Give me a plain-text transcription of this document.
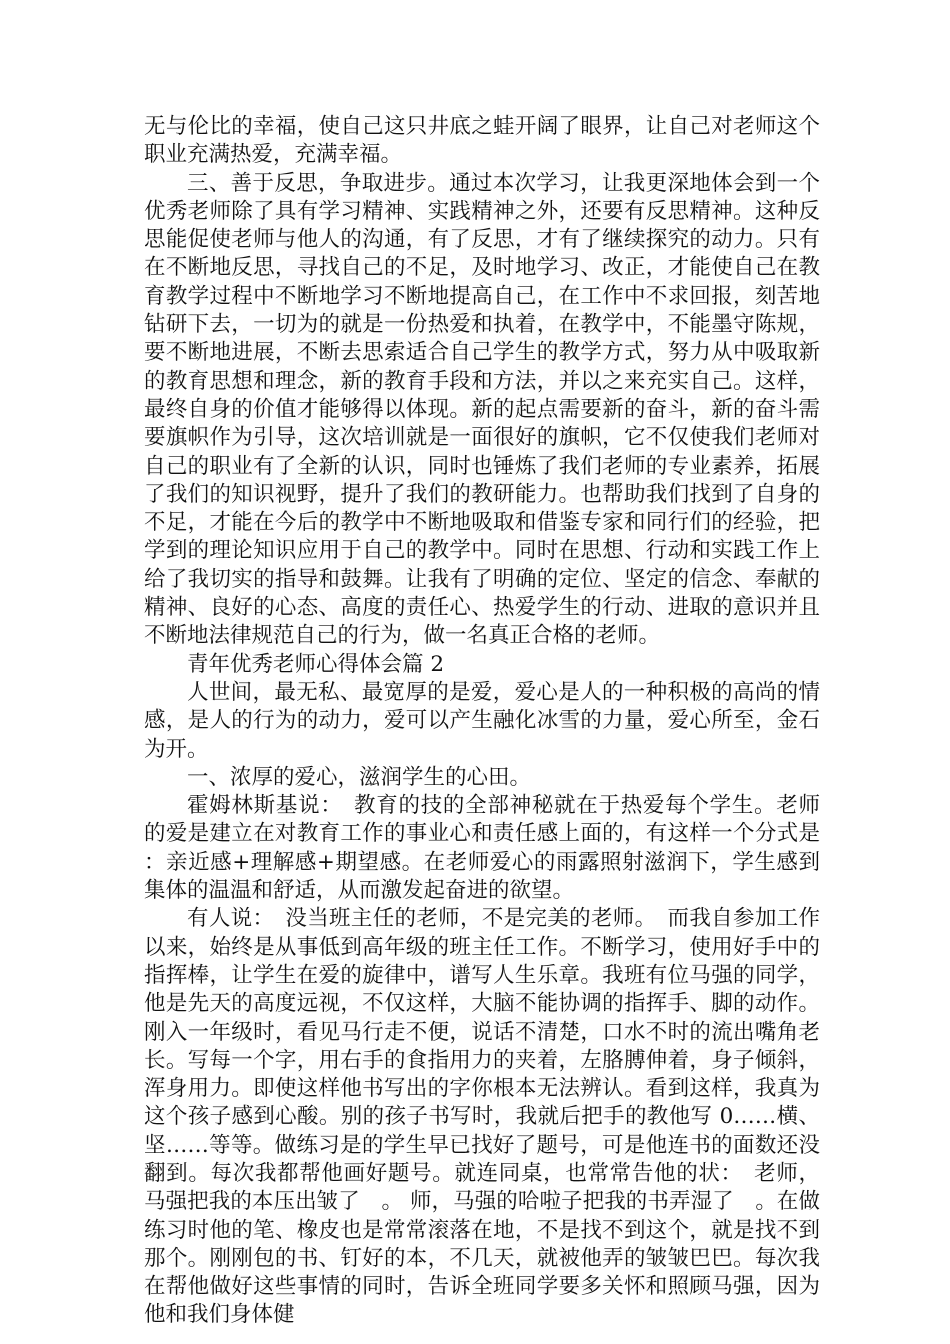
无与伦比的幸福，使自己这只井底之蛙开阔了眼界，让自己对老师这个职业充满热爱，充满幸福。

三、善于反思，争取进步。通过本次学习，让我更深地体会到一个优秀老师除了具有学习精神、实践精神之外，还要有反思精神。这种反思能促使老师与他人的沟通，有了反思，才有了继续探究的动力。只有在不断地反思，寻找自己的不足，及时地学习、改正，才能使自己在教育教学过程中不断地学习不断地提高自己，在工作中不求回报，刻苦地钻研下去，一切为的就是一份热爱和执着，在教学中，不能墨守陈规，要不断地进展，不断去思索适合自己学生的教学方式，努力从中吸取新的教育思想和理念，新的教育手段和方法，并以之来充实自己。这样，最终自身的价值才能够得以体现。新的起点需要新的奋斗，新的奋斗需要旗帜作为引导，这次培训就是一面很好的旗帜，它不仅使我们老师对自己的职业有了全新的认识，同时也锤炼了我们老师的专业素养，拓展了我们的知识视野，提升了我们的教研能力。也帮助我们找到了自身的不足，才能在今后的教学中不断地吸取和借鉴专家和同行们的经验，把学到的理论知识应用于自己的教学中。同时在思想、行动和实践工作上给了我切实的指导和鼓舞。让我有了明确的定位、坚定的信念、奉献的精神、良好的心态、高度的责任心、热爱学生的行动、进取的意识并且不断地法律规范自己的行为，做一名真正合格的老师。

青年优秀老师心得体会篇 2

人世间，最无私、最宽厚的是爱，爱心是人的一种积极的高尚的情感，是人的行为的动力，爱可以产生融化冰雪的力量，爱心所至，金石为开。

一、浓厚的爱心，滋润学生的心田。

霍姆林斯基说：　教育的技的全部神秘就在于热爱每个学生。老师的爱是建立在对教育工作的事业心和责任感上面的，有这样一个分式是：亲近感+理解感+期望感。在老师爱心的雨露照射滋润下，学生感到集体的温温和舒适，从而激发起奋进的欲望。

有人说：　没当班主任的老师，不是完美的老师。　而我自参加工作以来，始终是从事低到高年级的班主任工作。不断学习，使用好手中的指挥棒，让学生在爱的旋律中，谱写人生乐章。我班有位马强的同学，他是先天的高度远视，不仅这样，大脑不能协调的指挥手、脚的动作。刚入一年级时，看见马行走不便，说话不清楚，口水不时的流出嘴角老长。写每一个字，用右手的食指用力的夹着，左胳膊伸着，身子倾斜，浑身用力。即使这样他书写出的字你根本无法辨认。看到这样，我真为这个孩子感到心酸。别的孩子书写时，我就后把手的教他写 0……横、坚……等等。做练习是的学生早已找好了题号，可是他连书的面数还没翻到。每次我都帮他画好题号。就连同桌，也常常告他的状：　老师，马强把我的本压出皱了　。 师，马强的哈啦子把我的书弄湿了　。在做练习时他的笔、橡皮也是常常滚落在地，不是找不到这个，就是找不到那个。刚刚包的书、钉好的本，不几天，就被他弄的皱皱巴巴。每次我在帮他做好这些事情的同时，告诉全班同学要多关怀和照顾马强，因为他和我们身体健
